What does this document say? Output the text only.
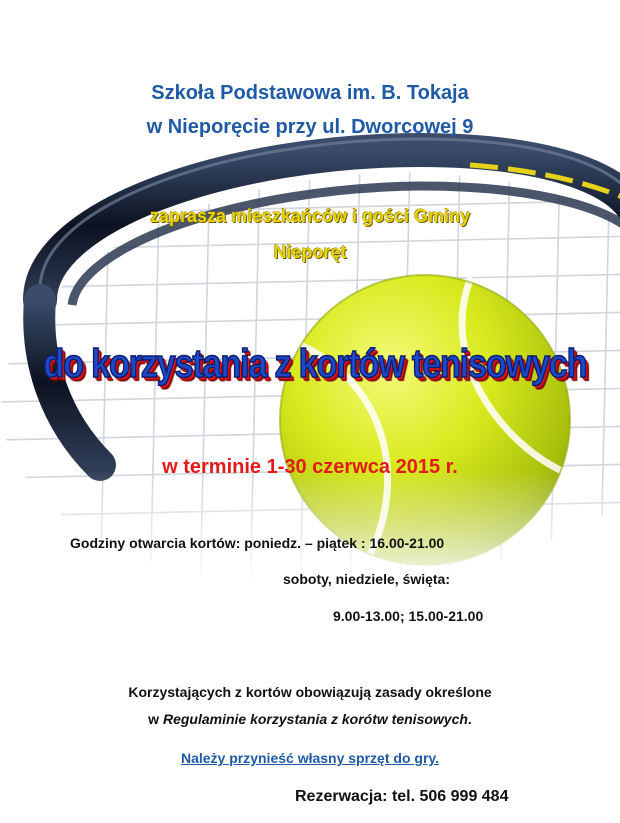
Szkoła Podstawowa im. B. Tokaja

w Nieporęcie przy ul. Dworcowej 9

zaprasza mieszkańców i gości Gminy

Nieporęt

do korzystania z kortów tenisowych

w terminie 1-30 czerwca 2015 r.

Godziny otwarcia kortów: poniedz. – piątek : 16.00-21.00

soboty, niedziele, święta:

9.00-13.00; 15.00-21.00

Korzystających z kortów obowiązują zasady określone

w Regulaminie korzystania z korótw tenisowych.

Należy przynieść własny sprzęt do gry.

Rezerwacja: tel. 506 999 484
